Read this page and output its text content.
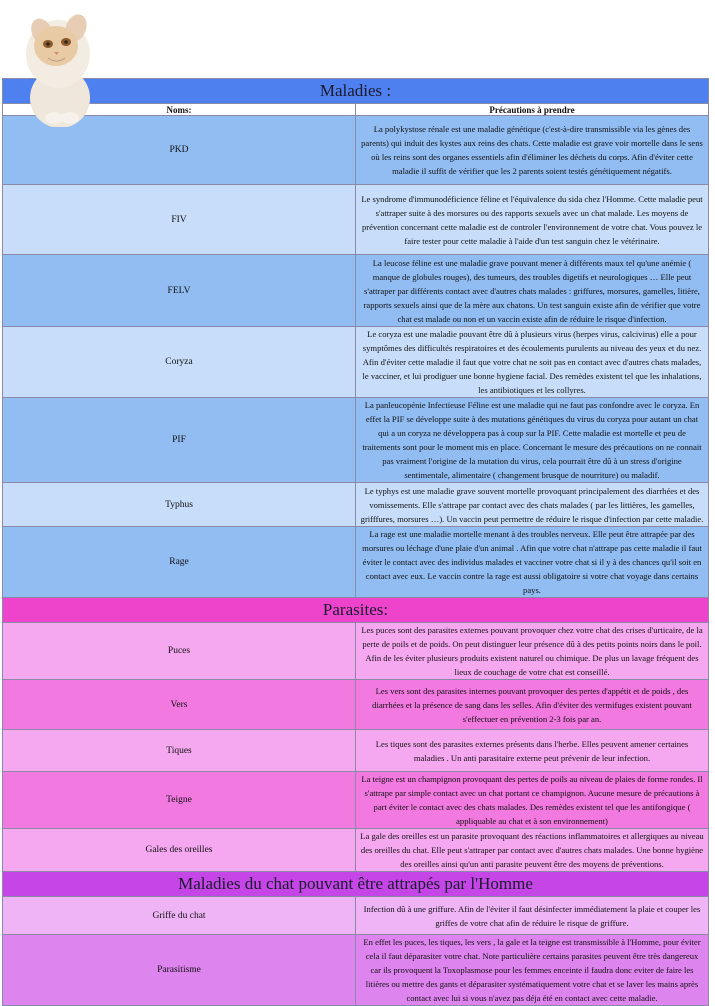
Maladies :	
Noms:	Précautions à prendre
PKD	La polykystose rénale est une maladie génétique (c'est-à-dire transmissible via les gènes des parents) qui induit des kystes aux reins des chats. Cette maladie est grave voir mortelle dans le sens où les reins sont des organes essentiels afin d'éliminer les déchets du corps. Afin d'éviter cette maladie il suffit de vérifier que les 2 parents soient testés génétiquement négatifs.
FIV	Le syndrome d'immunodéficience féline et l'équivalence du sida chez l'Homme. Cette maladie peut s'attraper suite à des morsures ou des rapports sexuels avec un chat malade. Les moyens de prévention concernant cette maladie est de controler l'environnement de votre chat. Vous pouvez le faire tester pour cette maladie à l'aide d'un test sanguin chez le vétérinaire.
FELV	La leucose féline est une maladie grave pouvant mener à différents maux tel qu'une anémie ( manque de globules rouges), des tumeurs, des troubles digetifs et neurologiques … Elle peut s'attraper par différents contact avec d'autres chats malades : griffures, morsures, gamelles, litière, rapports sexuels ainsi que de la mère aux chatons. Un test sanguin existe afin de vérifier que votre chat est malade ou non et un vaccin existe afin de réduire le risque d'infection.
Coryza	Le coryza est une maladie pouvant être dû à plusieurs virus (herpes virus, calcivirus) elle a pour symptômes des difficultés respiratoires et des écoulements purulents au niveau des yeux et du nez. Afin d'éviter cette maladie il faut que votre chat ne soit pas en contact avec d'autres chats malades, le vacciner, et lui prodiguer une bonne hygiene facial. Des remèdes existent tel que les inhalations, les antibiotiques et les collyres.
PIF	La panleucopénie Infectieuse Féline est une maladie qui ne faut pas confondre avec le coryza. En effet la PIF se développe suite à des mutations génétiques du virus du coryza pour autant un chat qui a un coryza ne développera pas à coup sur la PIF. Cette maladie est mortelle et peu de traitements sont pour le moment mis en place. Concernant le mesure des précautions on ne connait pas vraiment l'origine de la mutation du virus, cela pourrait être dû à un stress d'origine sentimentale, alimentaire ( changement brusque de nourriture) ou maladif.
Typhus	Le typhys est une maladie grave souvent mortelle provoquant principalement des diarrhées et des vomissements. Elle s'attrape par contact avec des chats malades ( par les littières, les gamelles, grifffures, morsures …). Un vaccin peut permettre de réduire le risque d'infection par cette maladie.
Rage	La rage est une maladie mortelle menant à des troubles nerveux. Elle peut être attrapée par des morsures ou léchage d'une plaie d'un animal . Afin que votre chat n'attrape pas cette maladie il faut éviter le contact avec des individus malades et vacciner votre chat si il y à des chances qu'il soit en contact avec eux. Le vaccin contre la rage est aussi obligatoire si votre chat voyage dans certains pays.
Parasites:	
Puces	Les puces sont des parasites externes pouvant provoquer chez votre chat des crises d'urticaire, de la perte de poils et de poids. On peut distinguer leur présence dû à des petits points noirs dans le poil. Afin de les éviter plusieurs produits existent naturel ou chimique. De plus un lavage fréquent des lieux de couchage de votre chat est conseillé.
Vers	Les vers sont des parasites internes pouvant provoquer des pertes d'appétit et de poids , des diarrhées et la présence de sang dans les selles. Afin d'éviter des vermifuges existent pouvant s'effectuer en prévention 2-3 fois par an.
Tiques	Les tiques sont des parasites externes présents dans l'herbe. Elles peuvent amener certaines maladies . Un anti parasitaire externe peut prévenir de leur infection.
Teigne	La teigne est un champignon provoquant des pertes de poils au niveau de plaies de forme rondes. Il s'attrape par simple contact avec un chat portant ce champignon. Aucune mesure de précautions à part éviter le contact avec des chats malades. Des remèdes existent tel que les antifongique ( appliquable au chat et à son environnement)
Gales des oreilles	La gale des oreilles est un parasite provoquant des réactions inflammatoires et allergiques au niveau des oreilles du chat. Elle peut s'attraper par contact avec d'autres chats malades. Une bonne hygiène des oreilles ainsi qu'un anti parasite peuvent être des moyens de préventions.
Maladies du chat pouvant être attrapés par l'Homme	
Griffe du chat	Infection dû à une griffure. Afin de l'éviter il faut désinfecter immédiatement la plaie et couper les griffes de votre chat afin de réduire le risque de griffure.
Parasitisme	En effet les puces, les tiques, les vers , la gale et la teigne est transmissible à l'Homme, pour éviter cela il faut déparasiter votre chat. Note particulière certains parasites peuvent être très dangereux car ils provoquent la Toxoplasmose pour les femmes enceinte il faudra donc eviter de faire les litières ou mettre des gants et déparasiter systématiquement votre chat et se laver les mains après contact avec lui si vous n'avez pas déja été en contact avec cette maladie.
